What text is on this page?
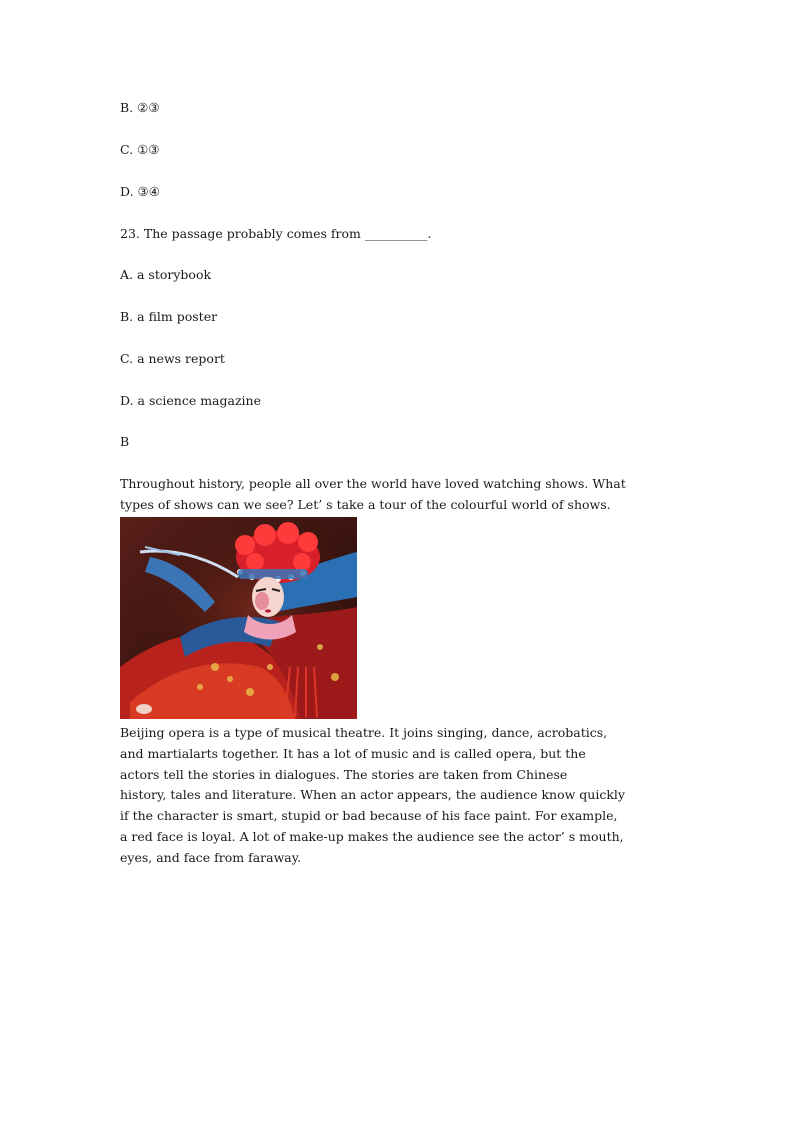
B. ②③
C. ①③
D. ③④
23. The passage probably comes from __________.
A. a storybook
B. a film poster
C. a news report
D. a science magazine
B
Throughout history, people all over the world have loved watching shows. What
types of shows can we see? Let’ s take a tour of the colourful world of shows.
Beijing opera is a type of musical theatre. It joins singing, dance, acrobatics,
and martialarts together. It has a lot of music and is called opera, but the
actors tell the stories in dialogues. The stories are taken from Chinese
history, tales and literature. When an actor appears, the audience know quickly
if the character is smart, stupid or bad because of his face paint. For example,
a red face is loyal. A lot of make-up makes the audience see the actor’ s mouth,
eyes, and face from faraway.
